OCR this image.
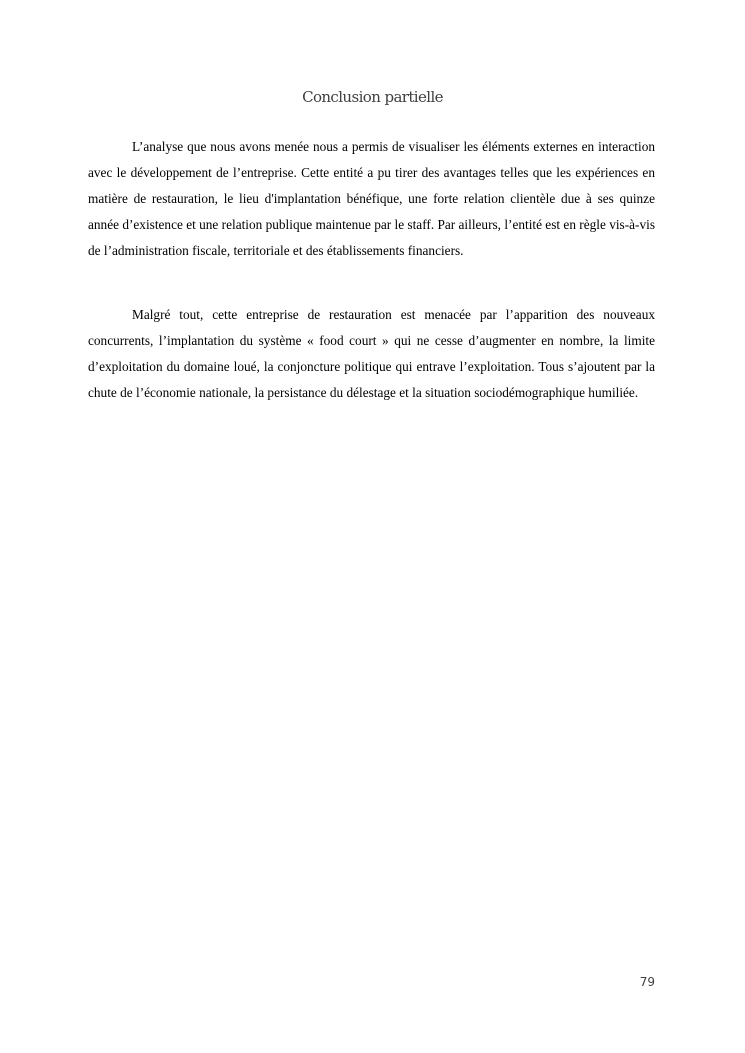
Conclusion partielle

L’analyse que nous avons menée nous a permis de visualiser les éléments externes en interaction avec le développement de l’entreprise. Cette entité a pu tirer des avantages telles que les expériences en matière de restauration, le lieu d'implantation bénéfique, une forte relation clientèle due à ses quinze année d’existence et une relation publique maintenue par le staff. Par ailleurs, l’entité est en règle vis-à-vis de l’administration fiscale, territoriale et des établissements financiers.

Malgré tout, cette entreprise de restauration est menacée par l’apparition des nouveaux concurrents, l’implantation du système « food court » qui ne cesse d’augmenter en nombre, la limite d’exploitation du domaine loué, la conjoncture politique qui entrave l’exploitation. Tous s’ajoutent par la chute de l’économie nationale, la persistance du délestage et la situation sociodémographique humiliée.

79
